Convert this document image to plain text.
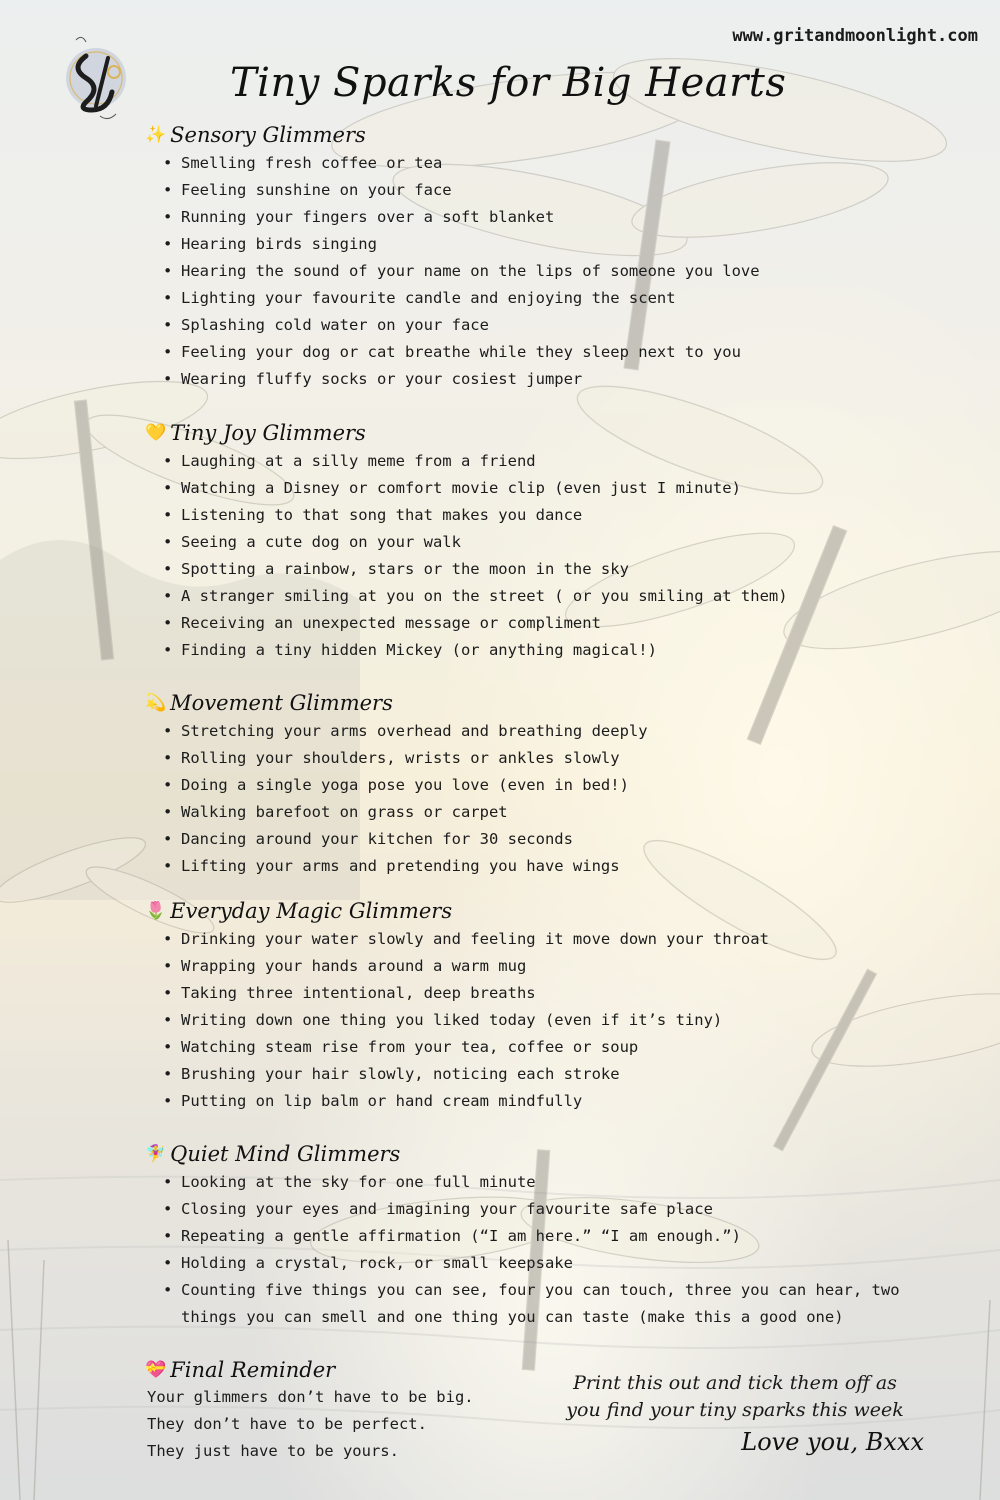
www.gritandmoonlight.com
Tiny Sparks for Big Hearts
✨ Sensory Glimmers
• Smelling fresh coffee or tea
• Feeling sunshine on your face
• Running your fingers over a soft blanket
• Hearing birds singing
• Hearing the sound of your name on the lips of someone you love
• Lighting your favourite candle and enjoying the scent
• Splashing cold water on your face
• Feeling your dog or cat breathe while they sleep next to you
• Wearing fluffy socks or your cosiest jumper
💛 Tiny Joy Glimmers
• Laughing at a silly meme from a friend
• Watching a Disney or comfort movie clip (even just I minute)
• Listening to that song that makes you dance
• Seeing a cute dog on your walk
• Spotting a rainbow, stars or the moon in the sky
• A stranger smiling at you on the street ( or you smiling at them)
• Receiving an unexpected message or compliment
• Finding a tiny hidden Mickey (or anything magical!)
💫 Movement Glimmers
• Stretching your arms overhead and breathing deeply
• Rolling your shoulders, wrists or ankles slowly
• Doing a single yoga pose you love (even in bed!)
• Walking barefoot on grass or carpet
• Dancing around your kitchen for 30 seconds
• Lifting your arms and pretending you have wings
🌷 Everyday Magic Glimmers
• Drinking your water slowly and feeling it move down your throat
• Wrapping your hands around a warm mug
• Taking three intentional, deep breaths
• Writing down one thing you liked today (even if it’s tiny)
• Watching steam rise from your tea, coffee or soup
• Brushing your hair slowly, noticing each stroke
• Putting on lip balm or hand cream mindfully
🧚‍♀️ Quiet Mind Glimmers
• Looking at the sky for one full minute
• Closing your eyes and imagining your favourite safe place
• Repeating a gentle affirmation (“I am here.” “I am enough.”)
• Holding a crystal, rock, or small keepsake
• Counting five things you can see, four you can touch, three you can hear, two
things you can smell and one thing you can taste (make this a good one)
💝 Final Reminder

Your glimmers don’t have to be big.

They don’t have to be perfect.

They just have to be yours.

Print this out and tick them off as
you find your tiny sparks this week
Love you, Bxxx
